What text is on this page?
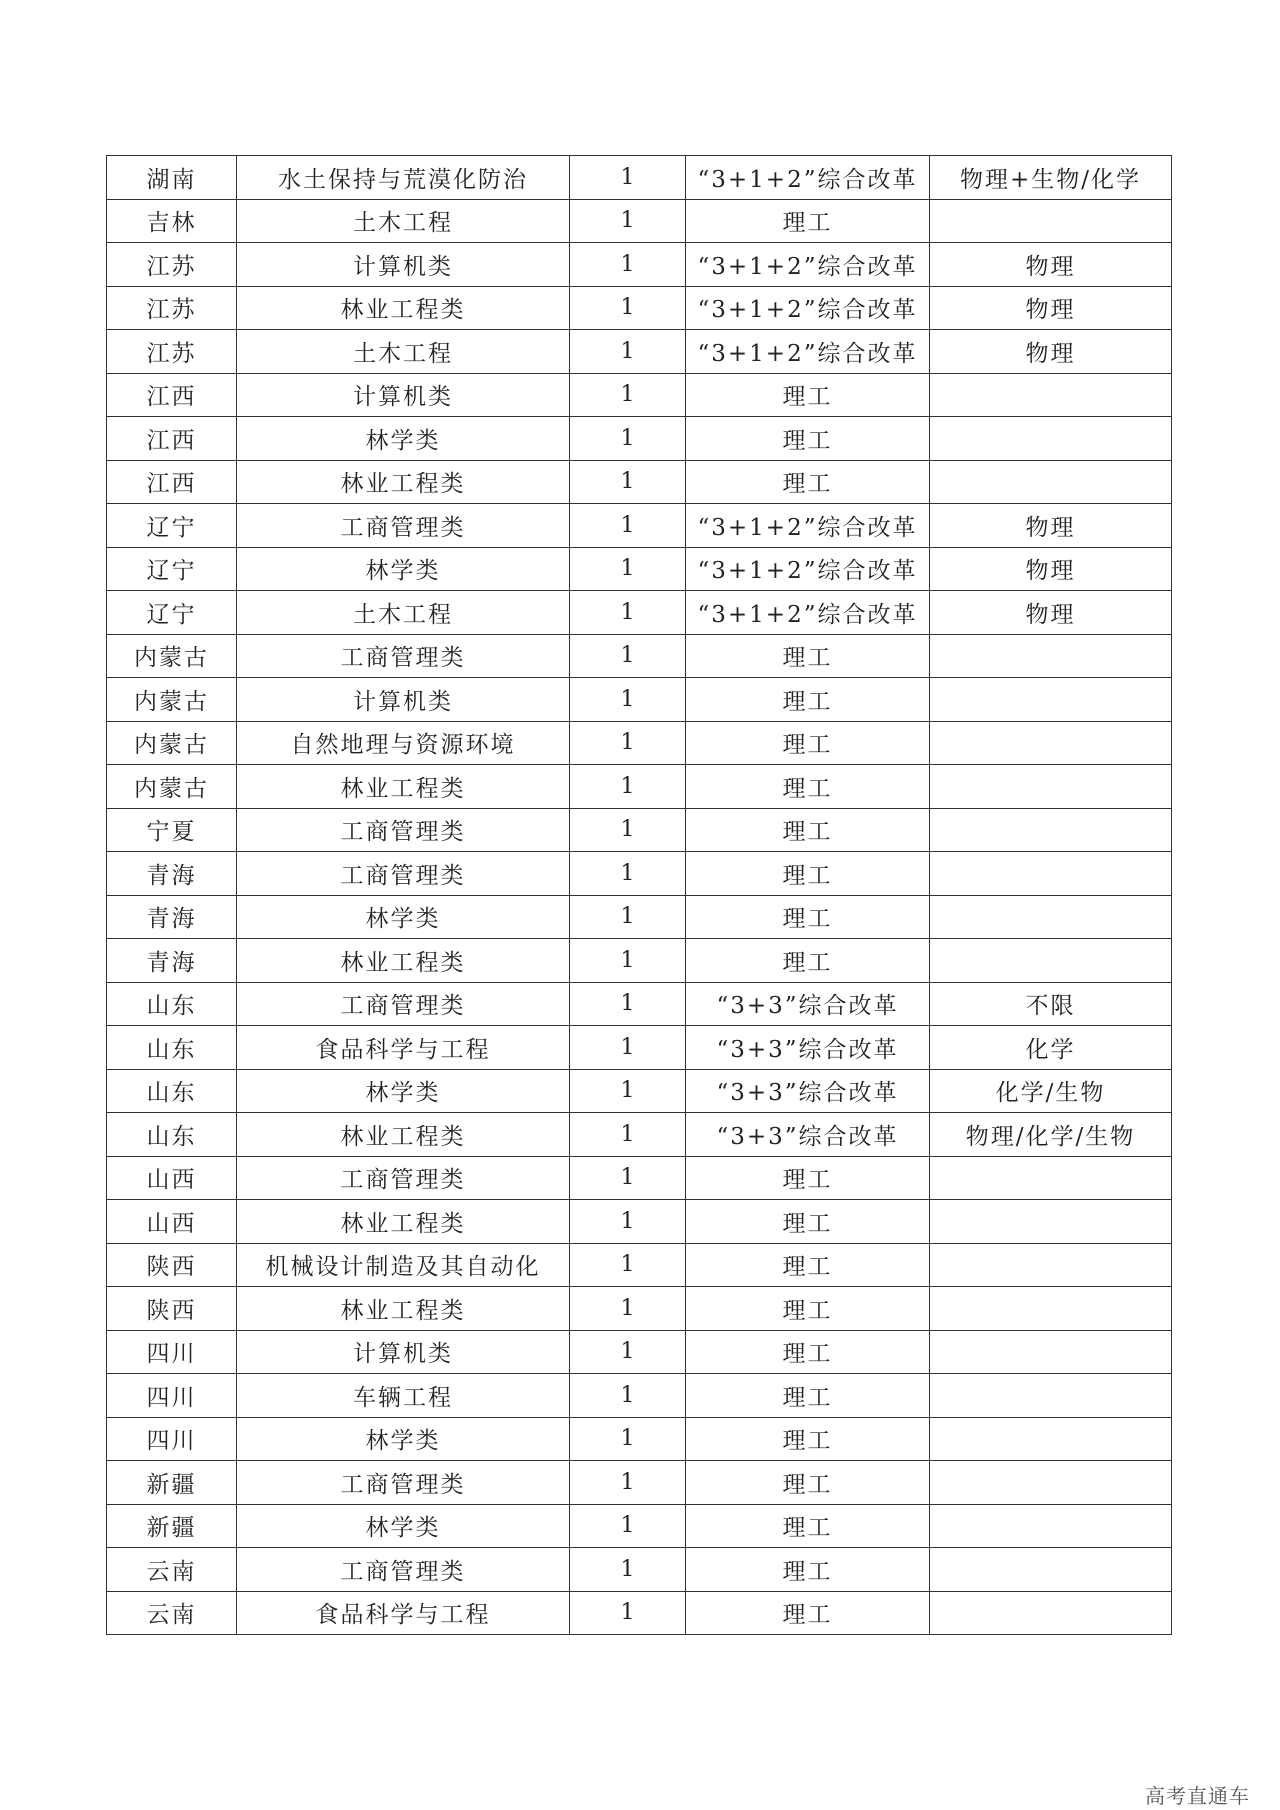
湖南	水土保持与荒漠化防治	1	“3+1+2”综合改革	物理+生物/化学
吉林	土木工程	1	理工	
江苏	计算机类	1	“3+1+2”综合改革	物理
江苏	林业工程类	1	“3+1+2”综合改革	物理
江苏	土木工程	1	“3+1+2”综合改革	物理
江西	计算机类	1	理工	
江西	林学类	1	理工	
江西	林业工程类	1	理工	
辽宁	工商管理类	1	“3+1+2”综合改革	物理
辽宁	林学类	1	“3+1+2”综合改革	物理
辽宁	土木工程	1	“3+1+2”综合改革	物理
内蒙古	工商管理类	1	理工	
内蒙古	计算机类	1	理工	
内蒙古	自然地理与资源环境	1	理工	
内蒙古	林业工程类	1	理工	
宁夏	工商管理类	1	理工	
青海	工商管理类	1	理工	
青海	林学类	1	理工	
青海	林业工程类	1	理工	
山东	工商管理类	1	“3+3”综合改革	不限
山东	食品科学与工程	1	“3+3”综合改革	化学
山东	林学类	1	“3+3”综合改革	化学/生物
山东	林业工程类	1	“3+3”综合改革	物理/化学/生物
山西	工商管理类	1	理工	
山西	林业工程类	1	理工	
陕西	机械设计制造及其自动化	1	理工	
陕西	林业工程类	1	理工	
四川	计算机类	1	理工	
四川	车辆工程	1	理工	
四川	林学类	1	理工	
新疆	工商管理类	1	理工	
新疆	林学类	1	理工	
云南	工商管理类	1	理工	
云南	食品科学与工程	1	理工	
高考直通车
